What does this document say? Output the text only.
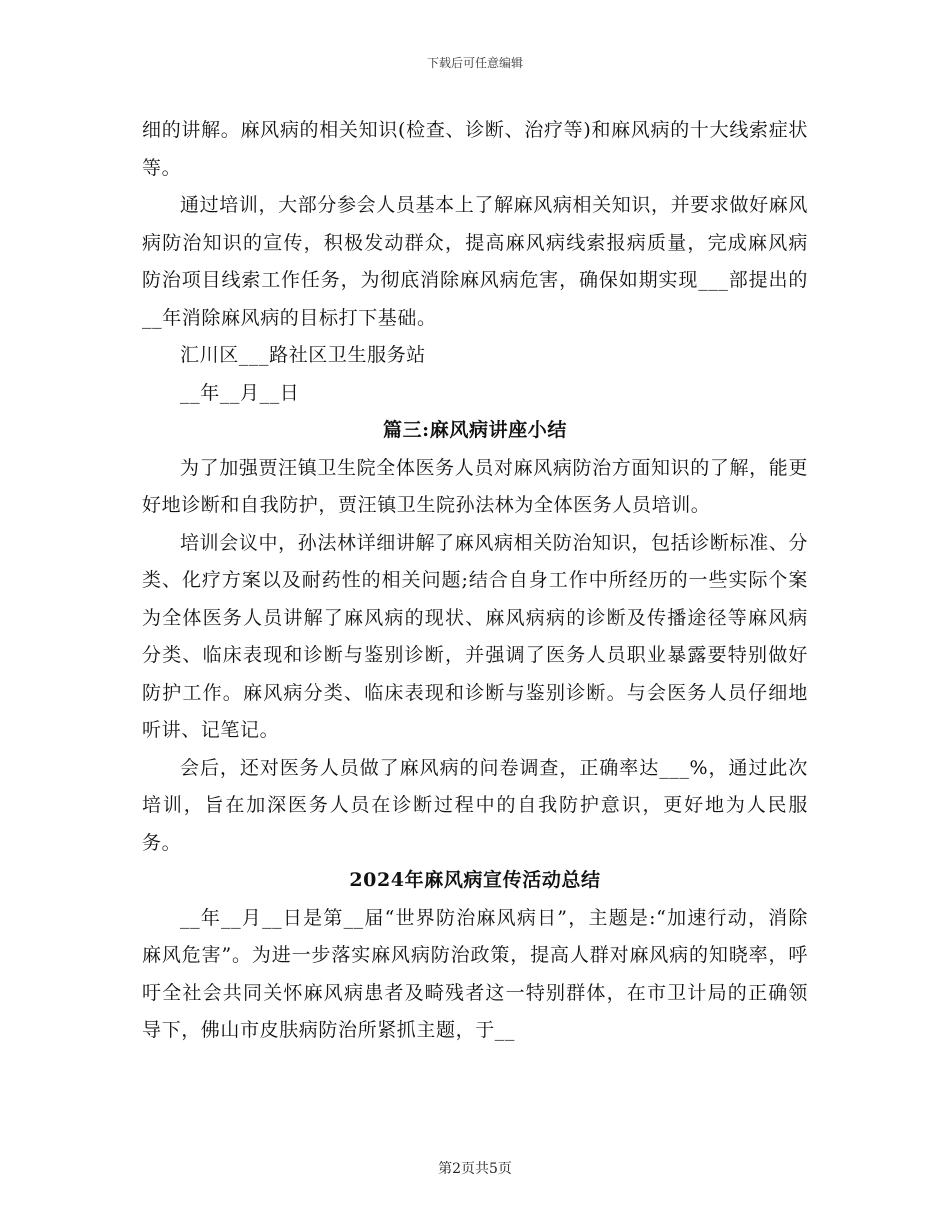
下载后可任意编辑

细的讲解。麻风病的相关知识(检查、诊断、治疗等)和麻风病的十大线索症状等。

通过培训，大部分参会人员基本上了解麻风病相关知识，并要求做好麻风病防治知识的宣传，积极发动群众，提高麻风病线索报病质量，完成麻风病防治项目线索工作任务，为彻底消除麻风病危害，确保如期实现___部提出的__年消除麻风病的目标打下基础。

汇川区___路社区卫生服务站

__年__月__日

篇三:麻风病讲座小结

为了加强贾汪镇卫生院全体医务人员对麻风病防治方面知识的了解，能更好地诊断和自我防护，贾汪镇卫生院孙法林为全体医务人员培训。

培训会议中，孙法林详细讲解了麻风病相关防治知识，包括诊断标准、分类、化疗方案以及耐药性的相关问题;结合自身工作中所经历的一些实际个案为全体医务人员讲解了麻风病的现状、麻风病病的诊断及传播途径等麻风病分类、临床表现和诊断与鉴别诊断，并强调了医务人员职业暴露要特别做好防护工作。麻风病分类、临床表现和诊断与鉴别诊断。与会医务人员仔细地听讲、记笔记。

会后，还对医务人员做了麻风病的问卷调查，正确率达___%，通过此次培训，旨在加深医务人员在诊断过程中的自我防护意识，更好地为人民服务。

2024年麻风病宣传活动总结

__年__月__日是第__届“世界防治麻风病日”，主题是:“加速行动，消除麻风危害”。为进一步落实麻风病防治政策，提高人群对麻风病的知晓率，呼吁全社会共同关怀麻风病患者及畸残者这一特别群体，在市卫计局的正确领导下，佛山市皮肤病防治所紧抓主题，于__

第2页共5页
